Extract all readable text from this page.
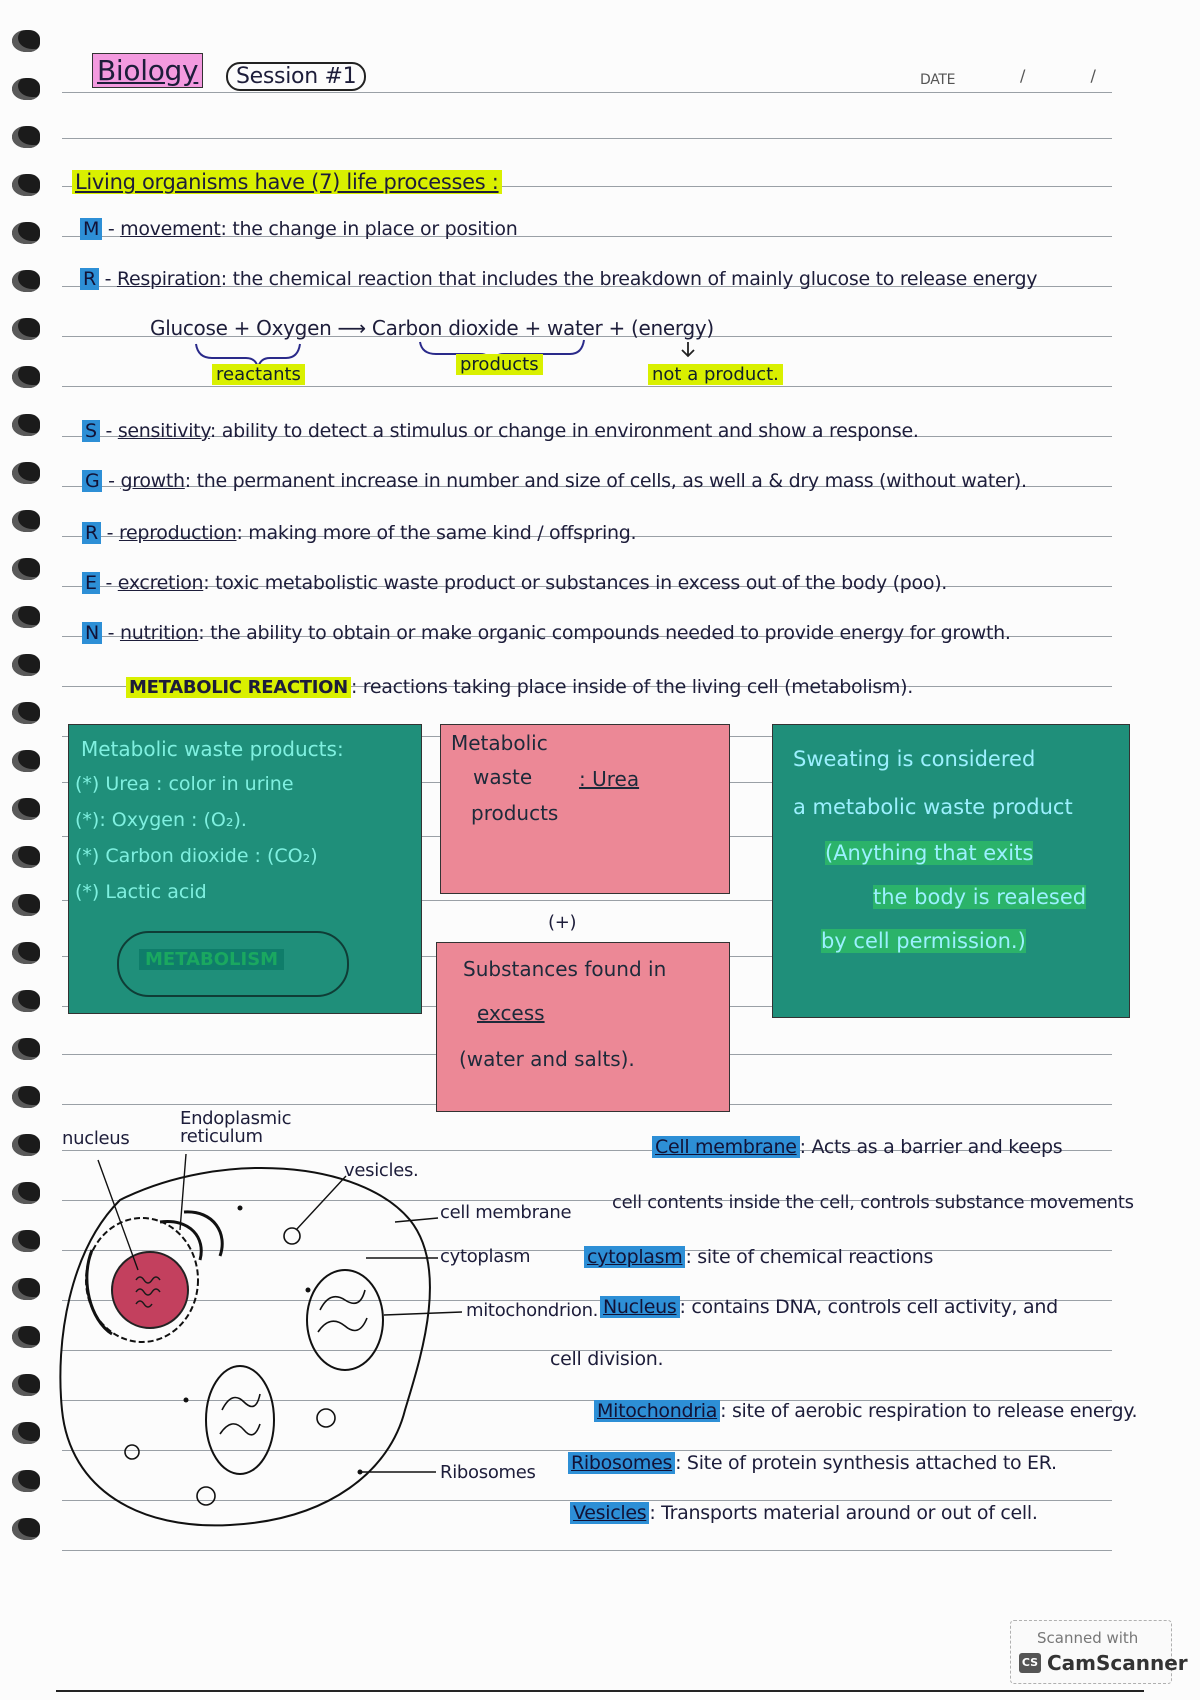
Biology	Session #1	DATE	/ /
Living organisms have (7) life processes :
M - movement: the change in place or position
R - Respiration: the chemical reaction that includes the breakdown of mainly glucose to release energy
Glucose + Oxygen ⟶ Carbon dioxide + water + (energy)
reactants	products	not a product.
S - sensitivity: ability to detect a stimulus or change in environment and show a response.
G - growth: the permanent increase in number and size of cells, as well a & dry mass (without water).
R - reproduction: making more of the same kind / offspring.
E - excretion: toxic metabolistic waste product or substances in excess out of the body (poo).
N - nutrition: the ability to obtain or make organic compounds needed to provide energy for growth.
METABOLIC REACTION : reactions taking place inside of the living cell (metabolism).
Metabolic waste products:
(*) Urea : color in urine
(*): Oxygen : (O₂).
(*) Carbon dioxide : (CO₂)
(*) Lactic acid
METABOLISM
Metabolic
waste
products
: Urea
(+)
Substances found in
excess
(water and salts).
Sweating is considered
a metabolic waste product
(Anything that exits
the body is realesed
by cell permission.)
nucleus
Endoplasmic reticulum
vesicles.
cell membrane
cytoplasm
mitochondrion.
Ribosomes
Cell membrane : Acts as a barrier and keeps
cell contents inside the cell, controls substance movements
cytoplasm : site of chemical reactions
Nucleus : contains DNA, controls cell activity, and
cell division.
Mitochondria : site of aerobic respiration to release energy.
Ribosomes : Site of protein synthesis attached to ER.
Vesicles : Transports material around or out of cell.
Scanned with
CS CamScanner
